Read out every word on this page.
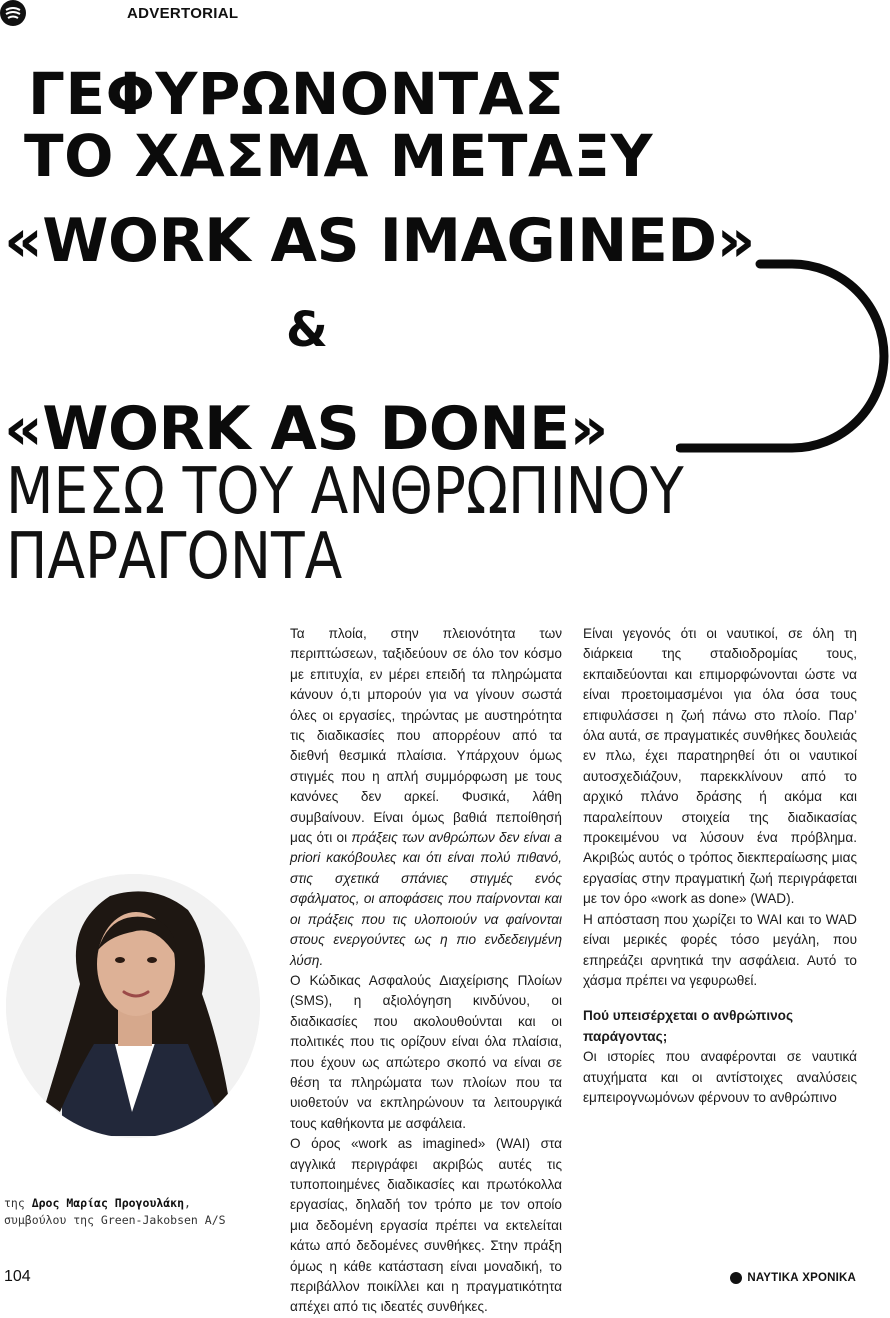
ADVERTORIAL
ΓΕΦΥΡΩΝΟΝΤΑΣ
ΤΟ ΧΑΣΜΑ ΜΕΤΑΞΥ
«WORK AS IMAGINED»
&
«WORK AS DONE»
ΜΕΣΩ ΤΟΥ ΑΝΘΡΩΠΙΝΟΥ
ΠΑΡΑΓΟΝΤΑ
της Δρος Μαρίας Προγουλάκη,
συμβούλου της Green-Jakobsen A/S

Τα πλοία, στην πλειονότητα των περιπτώσεων, ταξιδεύουν σε όλο τον κόσμο με επιτυχία, εν μέρει επειδή τα πληρώματα κάνουν ό,τι μπορούν για να γίνουν σωστά όλες οι εργασίες, τηρώντας με αυστηρότητα τις διαδικασίες που απορρέουν από τα διεθνή θεσμικά πλαίσια. Υπάρχουν όμως στιγμές που η απλή συμμόρφωση με τους κανόνες δεν αρκεί. Φυσικά, λάθη συμβαίνουν. Είναι όμως βαθιά πεποίθησή μας ότι οι πράξεις των ανθρώπων δεν είναι a priori κακόβουλες και ότι είναι πολύ πιθανό, στις σχετικά σπάνιες στιγμές ενός σφάλματος, οι αποφάσεις που παίρνονται και οι πράξεις που τις υλοποιούν να φαίνονται στους ενεργούντες ως η πιο ενδεδειγμένη λύση.

Ο Κώδικας Ασφαλούς Διαχείρισης Πλοίων (SMS), η αξιολόγηση κινδύνου, οι διαδικασίες που ακολουθούνται και οι πολιτικές που τις ορίζουν είναι όλα πλαίσια, που έχουν ως απώτερο σκοπό να είναι σε θέση τα πληρώματα των πλοίων που τα υιοθετούν να εκπληρώνουν τα λειτουργικά τους καθήκοντα με ασφάλεια.

Ο όρος «work as imagined» (WAI) στα αγγλικά περιγράφει ακριβώς αυτές τις τυποποιημένες διαδικασίες και πρωτόκολλα εργασίας, δηλαδή τον τρόπο με τον οποίο μια δεδομένη εργασία πρέπει να εκτελείται κάτω από δεδομένες συνθήκες. Στην πράξη όμως η κάθε κατάσταση είναι μοναδική, το περιβάλλον ποικίλλει και η πραγματικότητα απέχει από τις ιδεατές συνθήκες.

Είναι γεγονός ότι οι ναυτικοί, σε όλη τη διάρκεια της σταδιοδρομίας τους, εκπαιδεύονται και επιμορφώνονται ώστε να είναι προετοιμασμένοι για όλα όσα τους επιφυλάσσει η ζωή πάνω στο πλοίο. Παρ’ όλα αυτά, σε πραγματικές συνθήκες δουλειάς εν πλω, έχει παρατηρηθεί ότι οι ναυτικοί αυτοσχεδιάζουν, παρεκκλίνουν από το αρχικό πλάνο δράσης ή ακόμα και παραλείπουν στοιχεία της διαδικασίας προκειμένου να λύσουν ένα πρόβλημα. Ακριβώς αυτός ο τρόπος διεκπεραίωσης μιας εργασίας στην πραγματική ζωή περιγράφεται με τον όρο «work as done» (WAD).

Η απόσταση που χωρίζει το WAI και το WAD είναι μερικές φορές τόσο μεγάλη, που επηρεάζει αρνητικά την ασφάλεια. Αυτό το χάσμα πρέπει να γεφυρωθεί.

Πού υπεισέρχεται ο ανθρώπινος παράγοντας;

Οι ιστορίες που αναφέρονται σε ναυτικά ατυχήματα και οι αντίστοιχες αναλύσεις εμπειρογνωμόνων φέρνουν το ανθρώπινο

104	ΝΑΥΤΙΚΑ ΧΡΟΝΙΚΑ
